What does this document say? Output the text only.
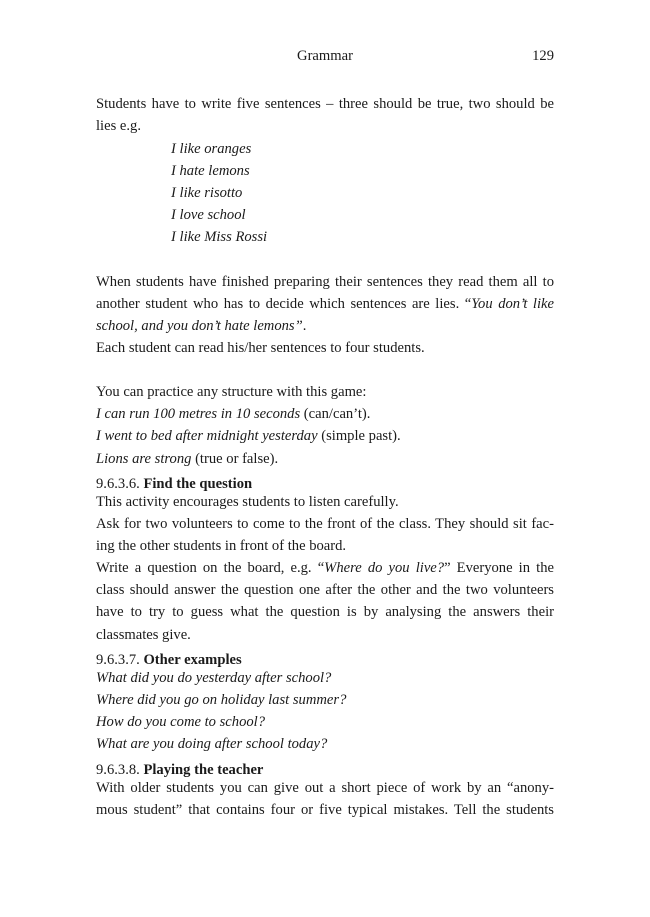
Grammar	129
Students have to write five sentences – three should be true, two should be
lies e.g.
I like oranges
I hate lemons
I like risotto
I love school
I like Miss Rossi
When students have finished preparing their sentences they read them all to
another student who has to decide which sentences are lies. “You don’t like
school, and you don’t hate lemons”.
Each student can read his/her sentences to four students.
You can practice any structure with this game:
I can run 100 metres in 10 seconds (can/can’t).
I went to bed after midnight yesterday (simple past).
Lions are strong (true or false).
9.6.3.6. Find the question
This activity encourages students to listen carefully.
Ask for two volunteers to come to the front of the class. They should sit fac-
ing the other students in front of the board.
Write a question on the board, e.g. “Where do you live?” Everyone in the
class should answer the question one after the other and the two volunteers
have to try to guess what the question is by analysing the answers their
classmates give.
9.6.3.7. Other examples
What did you do yesterday after school?
Where did you go on holiday last summer?
How do you come to school?
What are you doing after school today?
9.6.3.8. Playing the teacher
With older students you can give out a short piece of work by an “anony-
mous student” that contains four or five typical mistakes. Tell the students
